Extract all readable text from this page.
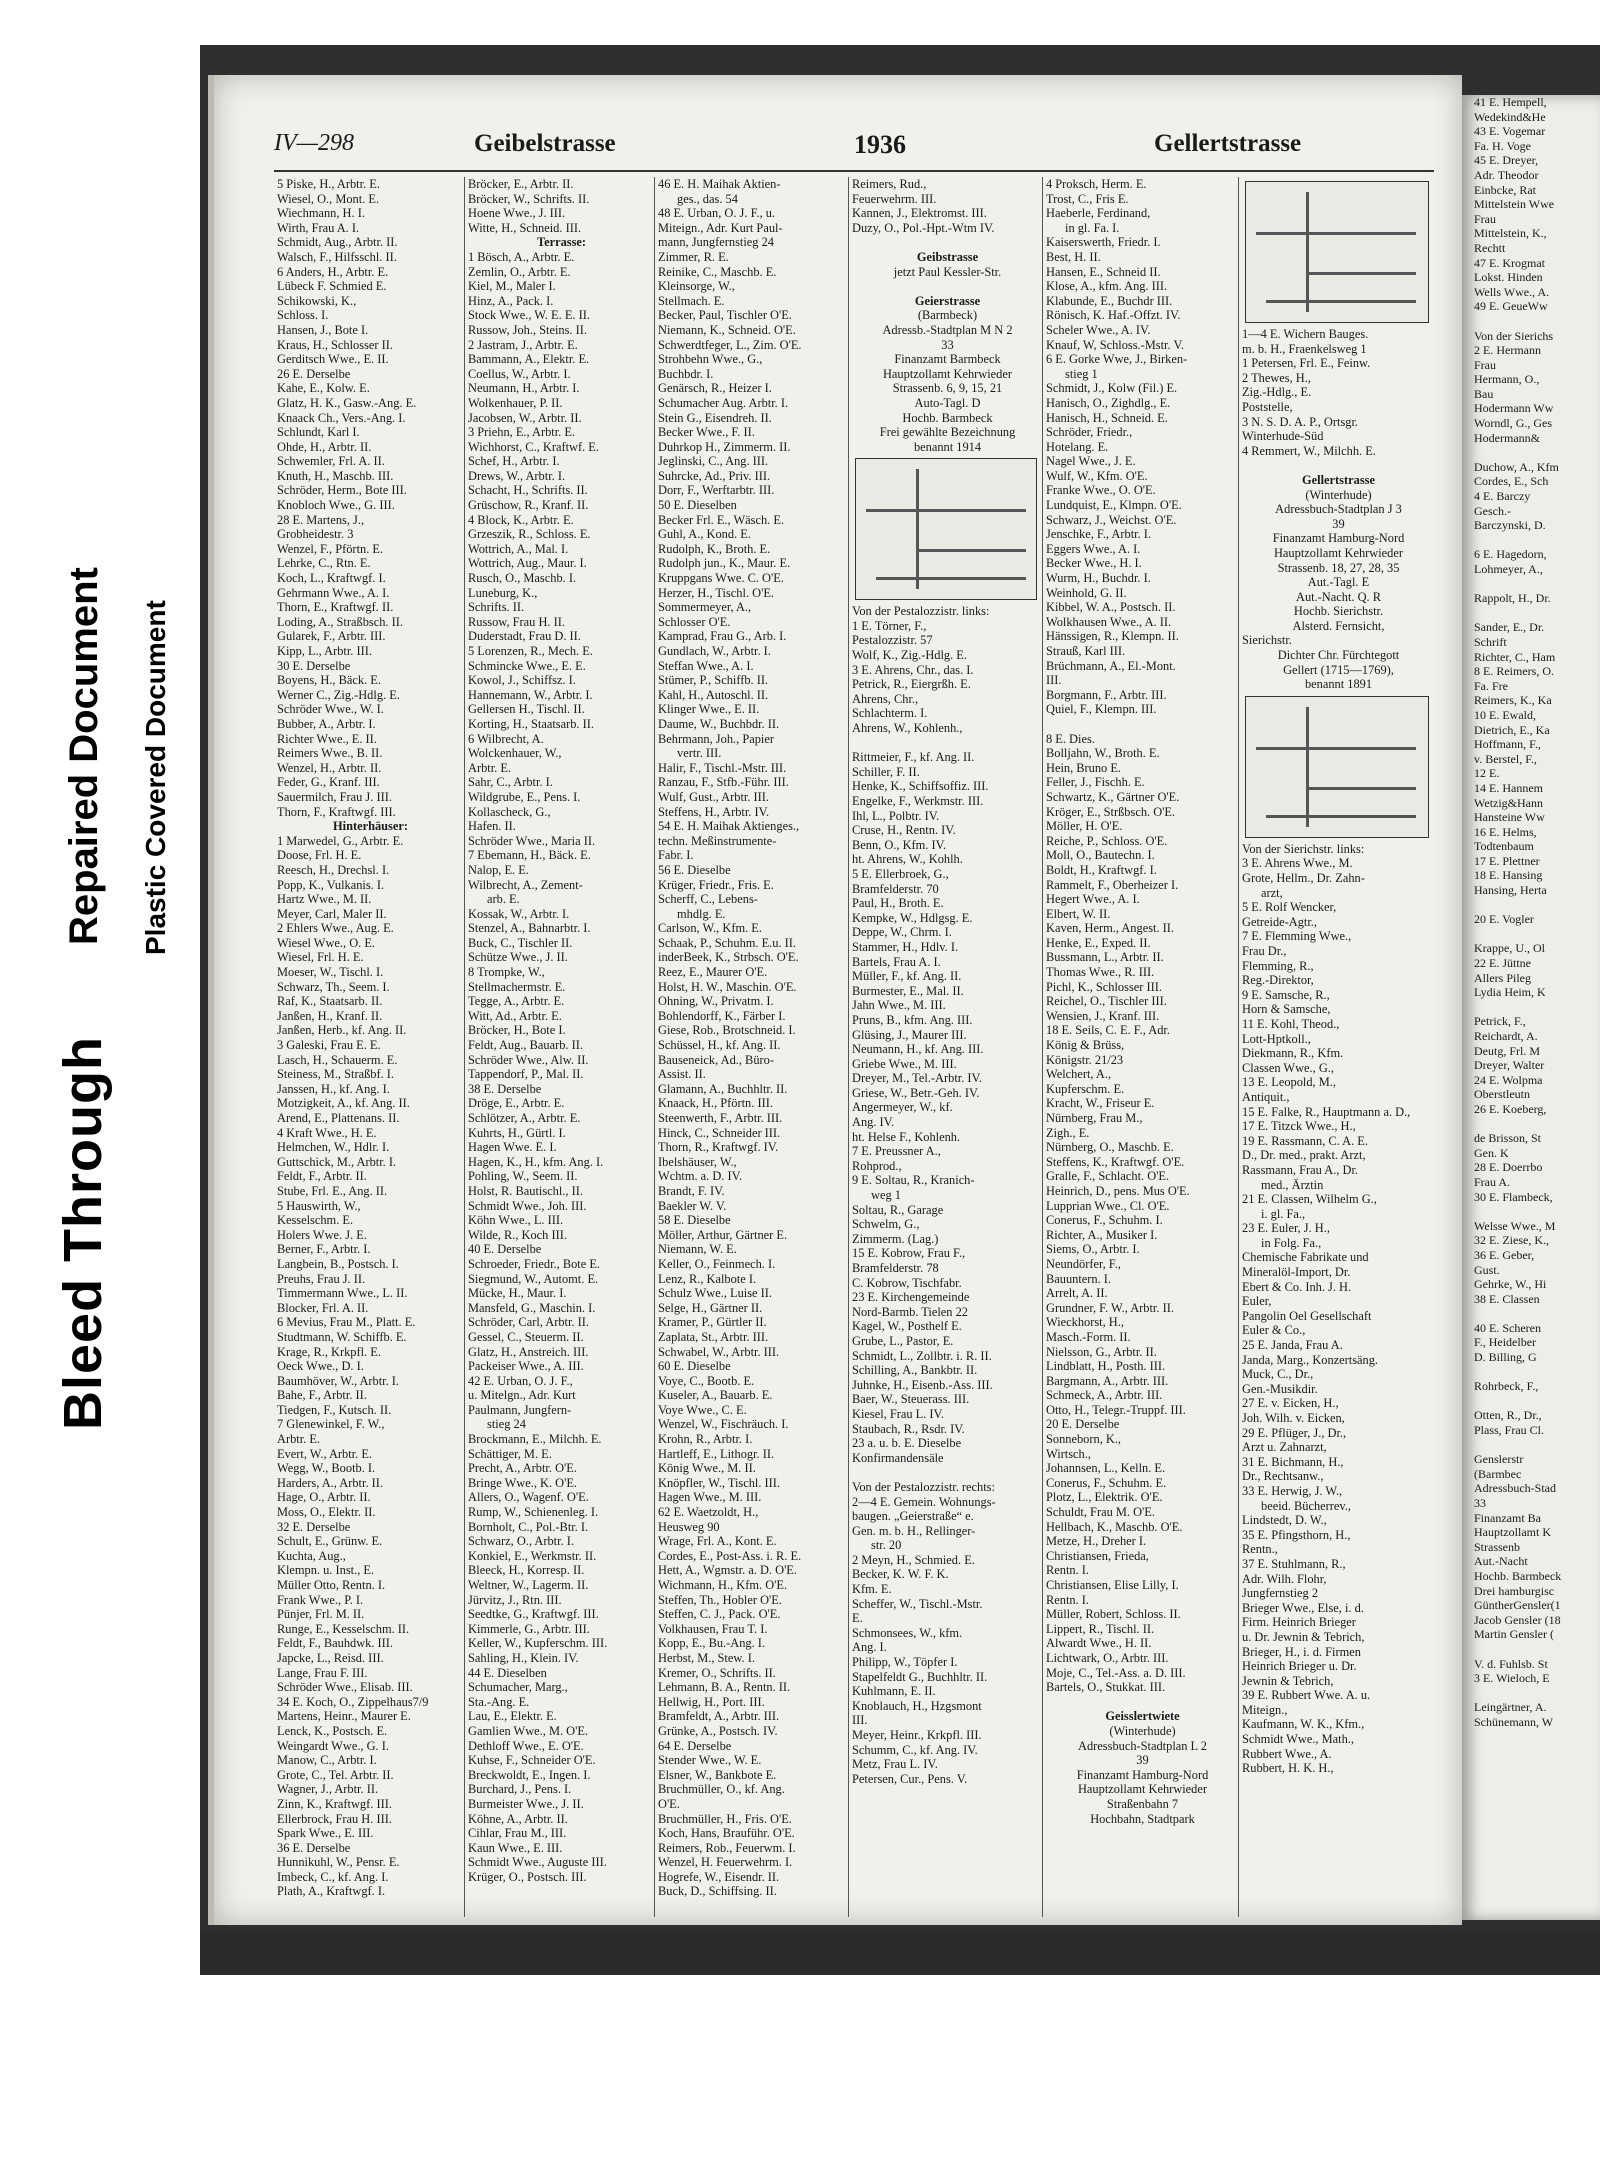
Bleed Through
Repaired Document Plastic Covered Document
IV—298	Geibelstrasse	1936	Gellertstrasse
5 Piske, H., Arbtr. E.
Wiesel, O., Mont. E.
Wiechmann, H. I.
Wirth, Frau A. I.
Schmidt, Aug., Arbtr. II.
Walsch, F., Hilfsschl. II.
6 Anders, H., Arbtr. E.
Lübeck F. Schmied E.
Schikowski, K.,
Schloss. I.
Hansen, J., Bote I.
Kraus, H., Schlosser II.
Gerditsch Wwe., E. II.
26 E. Derselbe
Kahe, E., Kolw. E.
Glatz, H. K., Gasw.-Ang. E.
Knaack Ch., Vers.-Ang. I.
Schlundt, Karl I.
Ohde, H., Arbtr. II.
Schwemler, Frl. A. II.
Knuth, H., Maschb. III.
Schröder, Herm., Bote III.
Knobloch Wwe., G. III.
28 E. Martens, J.,
Grobheidestr. 3
Wenzel, F., Pförtn. E.
Lehrke, C., Rtn. E.
Koch, L., Kraftwgf. I.
Gehrmann Wwe., A. I.
Thorn, E., Kraftwgf. II.
Loding, A., Straßbsch. II.
Gularek, F., Arbtr. III.
Kipp, L., Arbtr. III.
30 E. Derselbe
Boyens, H., Bäck. E.
Werner C., Zig.-Hdlg. E.
Schröder Wwe., W. I.
Bubber, A., Arbtr. I.
Richter Wwe., E. II.
Reimers Wwe., B. II.
Wenzel, H., Arbtr. II.
Feder, G., Kranf. III.
Sauermilch, Frau J. III.
Thorn, F., Kraftwgf. III.
Hinterhäuser:
1 Marwedel, G., Arbtr. E.
Doose, Frl. H. E.
Reesch, H., Drechsl. I.
Popp, K., Vulkanis. I.
Hartz Wwe., M. II.
Meyer, Carl, Maler II.
2 Ehlers Wwe., Aug. E.
Wiesel Wwe., O. E.
Wiesel, Frl. H. E.
Moeser, W., Tischl. I.
Schwarz, Th., Seem. I.
Raf, K., Staatsarb. II.
Janßen, H., Kranf. II.
Janßen, Herb., kf. Ang. II.
3 Galeski, Frau E. E.
Lasch, H., Schauerm. E.
Steiness, M., Straßbf. I.
Janssen, H., kf. Ang. I.
Motzigkeit, A., kf. Ang. II.
Arend, E., Plattenans. II.
4 Kraft Wwe., H. E.
Helmchen, W., Hdlr. I.
Guttschick, M., Arbtr. I.
Feldt, F., Arbtr. II.
Stube, Frl. E., Ang. II.
5 Hauswirth, W.,
Kesselschm. E.
Holers Wwe. J. E.
Berner, F., Arbtr. I.
Langbein, B., Postsch. I.
Preuhs, Frau J. II.
Timmermann Wwe., L. II.
Blocker, Frl. A. II.
6 Mevius, Frau M., Platt. E.
Studtmann, W. Schiffb. E.
Krage, R., Krkpfl. E.
Oeck Wwe., D. I.
Baumhöver, W., Arbtr. I.
Bahe, F., Arbtr. II.
Tiedgen, F., Kutsch. II.
7 Glenewinkel, F. W.,
Arbtr. E.
Evert, W., Arbtr. E.
Wegg, W., Bootb. I.
Harders, A., Arbtr. II.
Hage, O., Arbtr. II.
Moss, O., Elektr. II.
32 E. Derselbe
Schult, E., Grünw. E.
Kuchta, Aug.,
Klempn. u. Inst., E.
Müller Otto, Rentn. I.
Frank Wwe., P. I.
Pünjer, Frl. M. II.
Runge, E., Kesselschm. II.
Feldt, F., Bauhdwk. III.
Japcke, L., Reisd. III.
Lange, Frau F. III.
Schröder Wwe., Elisab. III.
34 E. Koch, O., Zippelhaus7/9
Martens, Heinr., Maurer E.
Lenck, K., Postsch. E.
Weingardt Wwe., G. I.
Manow, C., Arbtr. I.
Grote, C., Tel. Arbtr. II.
Wagner, J., Arbtr. II.
Zinn, K., Kraftwgf. III.
Ellerbrock, Frau H. III.
Spark Wwe., E. III.
36 E. Derselbe
Hunnikuhl, W., Pensr. E.
Imbeck, C., kf. Ang. I.
Plath, A., Kraftwgf. I.
Bröcker, E., Arbtr. II.
Bröcker, W., Schrifts. II.
Hoene Wwe., J. III.
Witte, H., Schneid. III.
Terrasse:
1 Bösch, A., Arbtr. E.
Zemlin, O., Arbtr. E.
Kiel, M., Maler I.
Hinz, A., Pack. I.
Stock Wwe., W. E. E. II.
Russow, Joh., Steins. II.
2 Jastram, J., Arbtr. E.
Bammann, A., Elektr. E.
Coellus, W., Arbtr. I.
Neumann, H., Arbtr. I.
Wolkenhauer, P. II.
Jacobsen, W., Arbtr. II.
3 Priehn, E., Arbtr. E.
Wichhorst, C., Kraftwf. E.
Schef, H., Arbtr. I.
Drews, W., Arbtr. I.
Schacht, H., Schrifts. II.
Grüschow, R., Kranf. II.
4 Block, K., Arbtr. E.
Grzeszik, R., Schloss. E.
Wottrich, A., Mal. I.
Wottrich, Aug., Maur. I.
Rusch, O., Maschb. I.
Luneburg, K.,
Schrifts. II.
Russow, Frau H. II.
Duderstadt, Frau D. II.
5 Lorenzen, R., Mech. E.
Schmincke Wwe., E. E.
Kowol, J., Schiffsz. I.
Hannemann, W., Arbtr. I.
Gellersen H., Tischl. II.
Korting, H., Staatsarb. II.
6 Wilbrecht, A.
Wolckenhauer, W.,
Arbtr. E.
Sahr, C., Arbtr. I.
Wildgrube, E., Pens. I.
Kollascheck, G.,
Hafen. II.
Schröder Wwe., Maria II.
7 Ebemann, H., Bäck. E.
Nalop, E. E.
Wilbrecht, A., Zement-
arb. E.
Kossak, W., Arbtr. I.
Stenzel, A., Bahnarbtr. I.
Buck, C., Tischler II.
Schütze Wwe., J. II.
8 Trompke, W.,
Stellmachermstr. E.
Tegge, A., Arbtr. E.
Witt, Ad., Arbtr. E.
Bröcker, H., Bote I.
Feldt, Aug., Bauarb. II.
Schröder Wwe., Alw. II.
Tappendorf, P., Mal. II.
38 E. Derselbe
Dröge, E., Arbtr. E.
Schlötzer, A., Arbtr. E.
Kuhrts, H., Gürtl. I.
Hagen Wwe. E. I.
Hagen, K., H., kfm. Ang. I.
Pohling, W., Seem. II.
Holst, R. Bautischl., II.
Schmidt Wwe., Joh. III.
Köhn Wwe., L. III.
Wilde, R., Koch III.
40 E. Derselbe
Schroeder, Friedr., Bote E.
Siegmund, W., Automt. E.
Mücke, H., Maur. I.
Mansfeld, G., Maschin. I.
Schröder, Carl, Arbtr. II.
Gessel, C., Steuerm. II.
Glatz, H., Anstreich. III.
Packeiser Wwe., A. III.
42 E. Urban, O. J. F.,
u. Mitelgn., Adr. Kurt
Paulmann, Jungfern-
stieg 24
Brockmann, E., Milchh. E.
Schättiger, M. E.
Precht, A., Arbtr. O'E.
Bringe Wwe., K. O'E.
Allers, O., Wagenf. O'E.
Rump, W., Schienenleg. I.
Bornholt, C., Pol.-Btr. I.
Schwarz, O., Arbtr. I.
Konkiel, E., Werkmstr. II.
Bleeck, H., Korresp. II.
Weltner, W., Lagerm. II.
Jürvitz, J., Rtn. III.
Seedtke, G., Kraftwgf. III.
Kimmerle, G., Arbtr. III.
Keller, W., Kupferschm. III.
Sahling, H., Klein. IV.
44 E. Dieselben
Schumacher, Marg.,
Sta.-Ang. E.
Lau, E., Elektr. E.
Gamlien Wwe., M. O'E.
Dethloff Wwe., E. O'E.
Kuhse, F., Schneider O'E.
Breckwoldt, E., Ingen. I.
Burchard, J., Pens. I.
Burmeister Wwe., J. II.
Köhne, A., Arbtr. II.
Cihlar, Frau M., III.
Kaun Wwe., E. III.
Schmidt Wwe., Auguste III.
Krüger, O., Postsch. III.
46 E. H. Maihak Aktien-
ges., das. 54
48 E. Urban, O. J. F., u.
Miteign., Adr. Kurt Paul-
mann, Jungfernstieg 24
Zimmer, R. E.
Reinike, C., Maschb. E.
Kleinsorge, W.,
Stellmach. E.
Becker, Paul, Tischler O'E.
Niemann, K., Schneid. O'E.
Schwerdtfeger, L., Zim. O'E.
Strohbehn Wwe., G.,
Buchbdr. I.
Genärsch, R., Heizer I.
Schumacher Aug. Arbtr. I.
Stein G., Eisendreh. II.
Becker Wwe., F. II.
Duhrkop H., Zimmerm. II.
Jeglinski, C., Ang. III.
Suhrcke, Ad., Priv. III.
Dorr, F., Werftarbtr. III.
50 E. Dieselben
Becker Frl. E., Wäsch. E.
Guhl, A., Kond. E.
Rudolph, K., Broth. E.
Rudolph jun., K., Maur. E.
Kruppgans Wwe. C. O'E.
Herzer, H., Tischl. O'E.
Sommermeyer, A.,
Schlosser O'E.
Kamprad, Frau G., Arb. I.
Gundlach, W., Arbtr. I.
Steffan Wwe., A. I.
Stümer, P., Schiffb. II.
Kahl, H., Autoschl. II.
Klinger Wwe., E. II.
Daume, W., Buchbdr. II.
Behrmann, Joh., Papier
vertr. III.
Halir, F., Tischl.-Mstr. III.
Ranzau, F., Stfb.-Führ. III.
Wulf, Gust., Arbtr. III.
Steffens, H., Arbtr. IV.
54 E. H. Maihak Aktienges.,
techn. Meßinstrumente-
Fabr. I.
56 E. Dieselbe
Krüger, Friedr., Fris. E.
Scherff, C., Lebens-
mhdlg. E.
Carlson, W., Kfm. E.
Schaak, P., Schuhm. E.u. II.
inderBeek, K., Strbsch. O'E.
Reez, E., Maurer O'E.
Holst, H. W., Maschin. O'E.
Ohning, W., Privatm. I.
Bohlendorff, K., Färber I.
Giese, Rob., Brotschneid. I.
Schüssel, H., kf. Ang. II.
Bauseneick, Ad., Büro-
Assist. II.
Glamann, A., Buchhltr. II.
Knaack, H., Pförtn. III.
Steenwerth, F., Arbtr. III.
Hinck, C., Schneider III.
Thorn, R., Kraftwgf. IV.
Ibelshäuser, W.,
Wchtm. a. D. IV.
Brandt, F. IV.
Baekler W. V.
58 E. Dieselbe
Möller, Arthur, Gärtner E.
Niemann, W. E.
Keller, O., Feinmech. I.
Lenz, R., Kalbote I.
Schulz Wwe., Luise II.
Selge, H., Gärtner II.
Kramer, P., Gürtler II.
Zaplata, St., Arbtr. III.
Schwabel, W., Arbtr. III.
60 E. Dieselbe
Voye, C., Bootb. E.
Kuseler, A., Bauarb. E.
Voye Wwe., C. E.
Wenzel, W., Fischräuch. I.
Krohn, R., Arbtr. I.
Hartleff, E., Lithogr. II.
König Wwe., M. II.
Knöpfler, W., Tischl. III.
Hagen Wwe., M. III.
62 E. Waetzoldt, H.,
Heusweg 90
Wrage, Frl. A., Kont. E.
Cordes, E., Post-Ass. i. R. E.
Hett, A., Wgmstr. a. D. O'E.
Wichmann, H., Kfm. O'E.
Steffen, Th., Hobler O'E.
Steffen, C. J., Pack. O'E.
Volkhausen, Frau T. I.
Kopp, E., Bu.-Ang. I.
Herbst, M., Stew. I.
Kremer, O., Schrifts. II.
Lehmann, B. A., Rentn. II.
Hellwig, H., Port. III.
Bramfeldt, A., Arbtr. III.
Grünke, A., Postsch. IV.
64 E. Derselbe
Stender Wwe., W. E.
Elsner, W., Bankbote E.
Bruchmüller, O., kf. Ang.
O'E.
Bruchmüller, H., Fris. O'E.
Koch, Hans, Brauführ. O'E.
Reimers, Rob., Feuerwm. I.
Wenzel, H. Feuerwehrm. I.
Hogrefe, W., Eisendr. II.
Buck, D., Schiffsing. II.
Reimers, Rud.,
Feuerwehrm. III.
Kannen, J., Elektromst. III.
Duzy, O., Pol.-Hpt.-Wtm IV.

Geibstrasse
jetzt Paul Kessler-Str.

Geierstrasse
(Barmbeck)
Adressb.-Stadtplan M N 2
33
Finanzamt Barmbeck
Hauptzollamt Kehrwieder
Strassenb. 6, 9, 15, 21
Auto-Tagl. D
Hochb. Barmbeck
Frei gewählte Bezeichnung
benannt 1914
Von der Pestalozzistr. links:
1 E. Törner, F.,
Pestalozzistr. 57
Wolf, K., Zig.-Hdlg. E.
3 E. Ahrens, Chr., das. I.
Petrick, R., Eiergrßh. E.
Ahrens, Chr.,
Schlachterm. I.
Ahrens, W., Kohlenh.,

Rittmeier, F., kf. Ang. II.
Schiller, F. II.
Henke, K., Schiffsoffiz. III.
Engelke, F., Werkmstr. III.
Ihl, L., Polbtr. IV.
Cruse, H., Rentn. IV.
Benn, O., Kfm. IV.
ht. Ahrens, W., Kohlh.
5 E. Ellerbroek, G.,
Bramfelderstr. 70
Paul, H., Broth. E.
Kempke, W., Hdlgsg. E.
Deppe, W., Chrm. I.
Stammer, H., Hdlv. I.
Bartels, Frau A. I.
Müller, F., kf. Ang. II.
Burmester, E., Mal. II.
Jahn Wwe., M. III.
Pruns, B., kfm. Ang. III.
Glüsing, J., Maurer III.
Neumann, H., kf. Ang. III.
Griebe Wwe., M. III.
Dreyer, M., Tel.-Arbtr. IV.
Griese, W., Betr.-Geh. IV.
Angermeyer, W., kf.
Ang. IV.
ht. Helse F., Kohlenh.
7 E. Preussner A.,
Rohprod.,
9 E. Soltau, R., Kranich-
weg 1
Soltau, R., Garage
Schwelm, G.,
Zimmerm. (Lag.)
15 E. Kobrow, Frau F.,
Bramfelderstr. 78
C. Kobrow, Tischfabr.
23 E. Kirchengemeinde
Nord-Barmb. Tielen 22
Kagel, W., Posthelf E.
Grube, L., Pastor, E.
Schmidt, L., Zollbtr. i. R. II.
Schilling, A., Bankbtr. II.
Juhnke, H., Eisenb.-Ass. III.
Baer, W., Steuerass. III.
Kiesel, Frau L. IV.
Staubach, R., Rsdr. IV.
23 a. u. b. E. Dieselbe
Konfirmandensäle

Von der Pestalozzistr. rechts:
2—4 E. Gemein. Wohnungs-
baugen. „Geierstraße“ e.
Gen. m. b. H., Rellinger-
str. 20
2 Meyn, H., Schmied. E.
Becker, K. W. F. K.
Kfm. E.
Scheffer, W., Tischl.-Mstr.
E.
Schmonsees, W., kfm.
Ang. I.
Philipp, W., Töpfer I.
Stapelfeldt G., Buchhltr. II.
Kuhlmann, E. II.
Knoblauch, H., Hzgsmont
III.
Meyer, Heinr., Krkpfl. III.
Schumm, C., kf. Ang. IV.
Metz, Frau L. IV.
Petersen, Cur., Pens. V.
4 Proksch, Herm. E.
Trost, C., Fris E.
Haeberle, Ferdinand,
in gl. Fa. I.
Kaiserswerth, Friedr. I.
Best, H. II.
Hansen, E., Schneid II.
Klose, A., kfm. Ang. III.
Klabunde, E., Buchdr III.
Rönisch, K. Haf.-Offzt. IV.
Scheler Wwe., A. IV.
Knauf, W, Schloss.-Mstr. V.
6 E. Gorke Wwe, J., Birken-
stieg 1
Schmidt, J., Kolw (Fil.) E.
Hanisch, O., Zighdlg., E.
Hanisch, H., Schneid. E.
Schröder, Friedr.,
Hotelang. E.
Nagel Wwe., J. E.
Wulf, W., Kfm. O'E.
Franke Wwe., O. O'E.
Lundquist, E., Klmpn. O'E.
Schwarz, J., Weichst. O'E.
Jenschke, F., Arbtr. I.
Eggers Wwe., A. I.
Becker Wwe., H. I.
Wurm, H., Buchdr. I.
Weinhold, G. II.
Kibbel, W. A., Postsch. II.
Wolkhausen Wwe., A. II.
Hänssigen, R., Klempn. II.
Strauß, Karl III.
Brüchmann, A., El.-Mont.
III.
Borgmann, F., Arbtr. III.
Quiel, F., Klempn. III.

8 E. Dies.
Bolljahn, W., Broth. E.
Hein, Bruno E.
Feller, J., Fischh. E.
Schwartz, K., Gärtner O'E.
Kröger, E., Strßbsch. O'E.
Möller, H. O'E.
Reiche, P., Schloss. O'E.
Moll, O., Bautechn. I.
Boldt, H., Kraftwgf. I.
Rammelt, F., Oberheizer I.
Hegert Wwe., A. I.
Elbert, W. II.
Kaven, Herm., Angest. II.
Henke, E., Exped. II.
Bussmann, L., Arbtr. II.
Thomas Wwe., R. III.
Pichl, K., Schlosser III.
Reichel, O., Tischler III.
Wensien, J., Kranf. III.
18 E. Seils, C. E. F., Adr.
König & Brüss,
Königstr. 21/23
Welchert, A.,
Kupferschm. E.
Kracht, W., Friseur E.
Nürnberg, Frau M.,
Zigh., E.
Nürnberg, O., Maschb. E.
Steffens, K., Kraftwgf. O'E.
Gralle, F., Schlacht. O'E.
Heinrich, D., pens. Mus O'E.
Lupprian Wwe., Cl. O'E.
Conerus, F., Schuhm. I.
Richter, A., Musiker I.
Siems, O., Arbtr. I.
Neundörfer, F.,
Bauuntern. I.
Arrelt, A. II.
Grundner, F. W., Arbtr. II.
Wieckhorst, H.,
Masch.-Form. II.
Nielsson, G., Arbtr. II.
Lindblatt, H., Posth. III.
Bargmann, A., Arbtr. III.
Schmeck, A., Arbtr. III.
Otto, H., Telegr.-Truppf. III.
20 E. Derselbe
Sonneborn, K.,
Wirtsch.,
Johannsen, L., Kelln. E.
Conerus, F., Schuhm. E.
Plotz, L., Elektrik. O'E.
Schuldt, Frau M. O'E.
Hellbach, K., Maschb. O'E.
Metze, H., Dreher I.
Christiansen, Frieda,
Rentn. I.
Christiansen, Elise Lilly, I.
Rentn. I.
Müller, Robert, Schloss. II.
Lippert, R., Tischl. II.
Alwardt Wwe., H. II.
Lichtwark, O., Arbtr. III.
Moje, C., Tel.-Ass. a. D. III.
Bartels, O., Stukkat. III.

Geisslertwiete
(Winterhude)
Adressbuch-Stadtplan L 2
39
Finanzamt Hamburg-Nord
Hauptzollamt Kehrwieder
Straßenbahn 7
Hochbahn, Stadtpark
1—4 E. Wichern Bauges.
m. b. H., Fraenkelsweg 1
1 Petersen, Frl. E., Feinw.
2 Thewes, H.,
Zig.-Hdlg., E.
Poststelle,
3 N. S. D. A. P., Ortsgr.
Winterhude-Süd
4 Remmert, W., Milchh. E.

Gellertstrasse
(Winterhude)
Adressbuch-Stadtplan J 3
39
Finanzamt Hamburg-Nord
Hauptzollamt Kehrwieder
Strassenb. 18, 27, 28, 35
Aut.-Tagl. E
Aut.-Nacht. Q. R
Hochb. Sierichstr.
Alsterd. Fernsicht,
Sierichstr.
Dichter Chr. Fürchtegott
Gellert (1715—1769),
benannt 1891
Von der Sierichstr. links:
3 E. Ahrens Wwe., M.
Grote, Hellm., Dr. Zahn-
arzt,
5 E. Rolf Wencker,
Getreide-Agtr.,
7 E. Flemming Wwe.,
Frau Dr.,
Flemming, R.,
Reg.-Direktor,
9 E. Samsche, R.,
Horn & Samsche,
11 E. Kohl, Theod.,
Lott-Hptkoll.,
Diekmann, R., Kfm.
Classen Wwe., G.,
13 E. Leopold, M.,
Antiquit.,
15 E. Falke, R., Hauptmann a. D.,
17 E. Titzck Wwe., H.,
19 E. Rassmann, C. A. E.
D., Dr. med., prakt. Arzt,
Rassmann, Frau A., Dr.
med., Ärztin
21 E. Classen, Wilhelm G.,
i. gl. Fa.,
23 E. Euler, J. H.,
in Folg. Fa.,
Chemische Fabrikate und
Mineralöl-Import, Dr.
Ebert & Co. Inh. J. H.
Euler,
Pangolin Oel Gesellschaft
Euler & Co.,
25 E. Janda, Frau A.
Janda, Marg., Konzertsäng.
Muck, C., Dr.,
Gen.-Musikdir.
27 E. v. Eicken, H.,
Joh. Wilh. v. Eicken,
29 E. Pflüger, J., Dr.,
Arzt u. Zahnarzt,
31 E. Bichmann, H.,
Dr., Rechtsanw.,
33 E. Herwig, J. W.,
beeid. Bücherrev.,
Lindstedt, D. W.,
35 E. Pfingsthorn, H.,
Rentn.,
37 E. Stuhlmann, R.,
Adr. Wilh. Flohr,
Jungfernstieg 2
Brieger Wwe., Else, i. d.
Firm. Heinrich Brieger
u. Dr. Jewnin & Tebrich,
Brieger, H., i. d. Firmen
Heinrich Brieger u. Dr.
Jewnin & Tebrich,
39 E. Rubbert Wwe. A. u.
Miteign.,
Kaufmann, W. K., Kfm.,
Schmidt Wwe., Math.,
Rubbert Wwe., A.
Rubbert, H. K. H.,
41 E. Hempell,
Wedekind&He
43 E. Vogemar
Fa. H. Voge
45 E. Dreyer,
Adr. Theodor
Einbcke, Rat
Mittelstein Wwe
Frau
Mittelstein, K.,
Rechtt
47 E. Krogmat
Lokst. Hinden
Wells Wwe., A.
49 E. GeueWw

Von der Sierichs
2 E. Hermann
Frau
Hermann, O.,
Bau
Hodermann Ww
Worndl, G., Ges
Hodermann&

Duchow, A., Kfm
Cordes, E., Sch
4 E. Barczy
Gesch.-
Barczynski, D.

6 E. Hagedorn,
Lohmeyer, A.,

Rappolt, H., Dr.

Sander, E., Dr.
Schrift
Richter, C., Ham
8 E. Reimers, O.
Fa. Fre
Reimers, K., Ka
10 E. Ewald,
Dietrich, E., Ka
Hoffmann, F.,
v. Berstel, F.,
12 E.
14 E. Hannem
Wetzig&Hann
Hansteine Ww
16 E. Helms,
Todtenbaum
17 E. Plettner
18 E. Hansing
Hansing, Herta

20 E. Vogler

Krappe, U., Ol
22 E. Jüttne
Allers Pileg
Lydia Heim, K

Petrick, F.,
Reichardt, A.
Deutg, Frl. M
Dreyer, Walter
24 E. Wolpma
Oberstleutn
26 E. Koeberg,

de Brisson, St
Gen. K
28 E. Doerrbo
Frau A.
30 E. Flambeck,

Welsse Wwe., M
32 E. Ziese, K.,
36 E. Geber,
Gust.
Gehrke, W., Hi
38 E. Classen

40 E. Scheren
F., Heidelber
D. Billing, G

Rohrbeck, F.,

Otten, R., Dr.,
Plass, Frau Cl.

Genslerstr
(Barmbec
Adressbuch-Stad
33
Finanzamt Ba
Hauptzollamt K
Strassenb
Aut.-Nacht
Hochb. Barmbeck
Drei hamburgisc
GüntherGensler(1
Jacob Gensler (18
Martin Gensler (

V. d. Fuhlsb. St
3 E. Wieloch, E

Leingärtner, A.
Schünemann, W
